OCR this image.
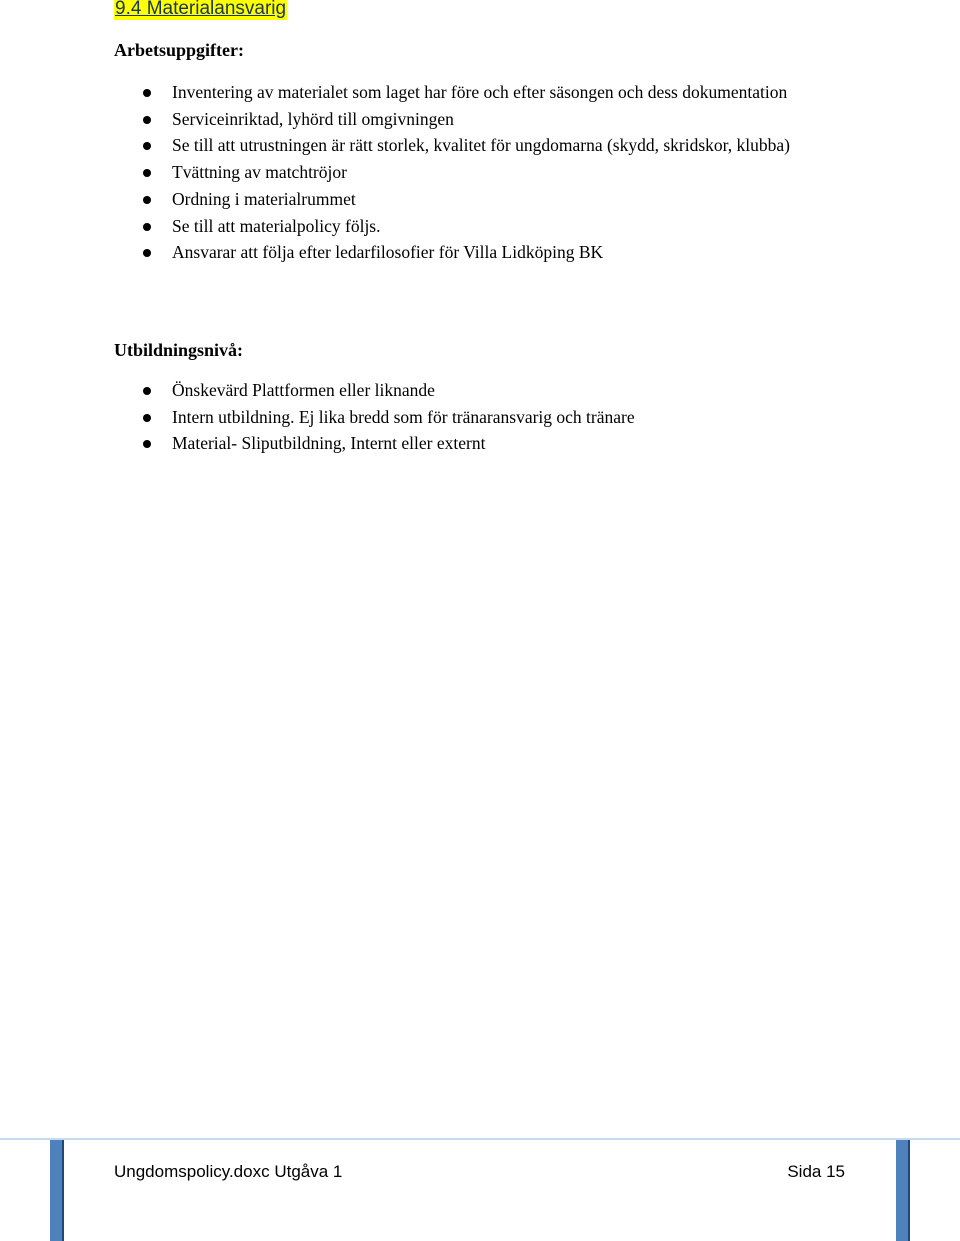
9.4 Materialansvarig
Arbetsuppgifter:
Inventering av materialet som laget har före och efter säsongen och dess dokumentation
Serviceinriktad, lyhörd till omgivningen
Se till att utrustningen är rätt storlek, kvalitet för ungdomarna (skydd, skridskor, klubba)
Tvättning av matchtröjor
Ordning i materialrummet
Se till att materialpolicy följs.
Ansvarar att följa efter ledarfilosofier för Villa Lidköping BK
Utbildningsnivå:
Önskevärd Plattformen eller liknande
Intern utbildning. Ej lika bredd som för tränaransvarig och tränare
Material- Sliputbildning, Internt eller externt
Ungdomspolicy.doxc Utgåva 1	Sida 15
